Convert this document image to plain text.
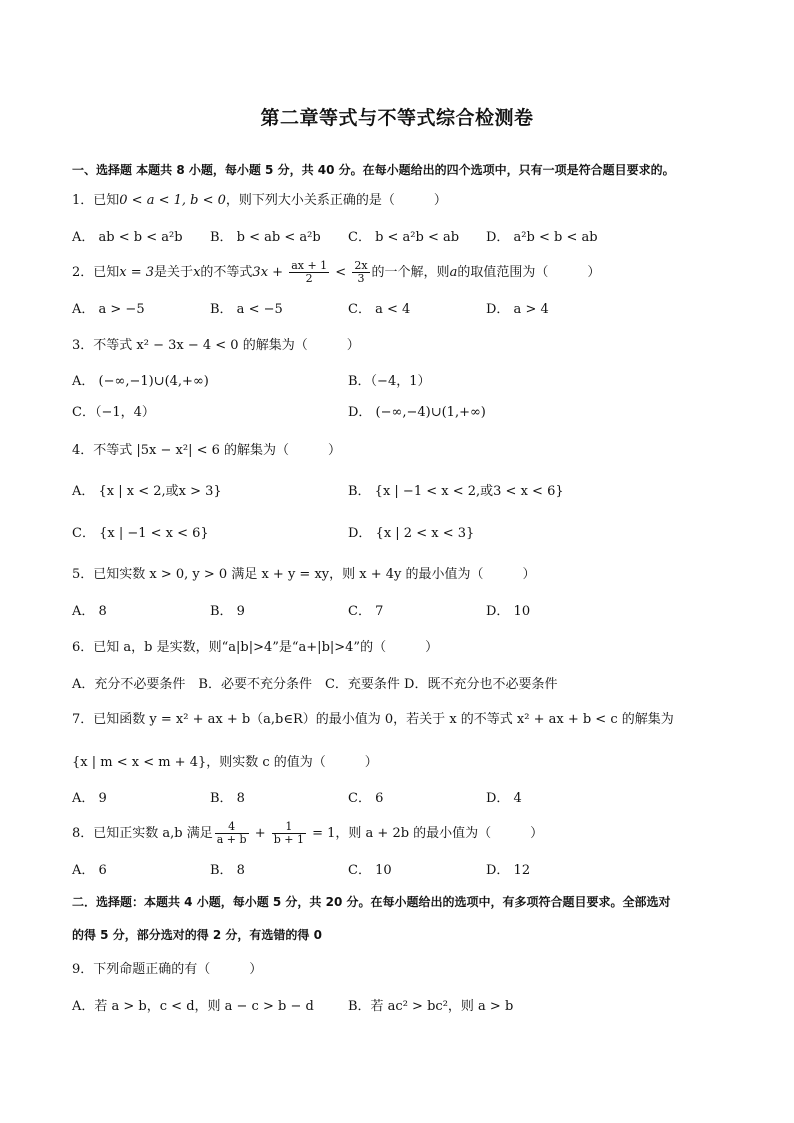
第二章等式与不等式综合检测卷
一、选择题 本题共 8 小题，每小题 5 分，共 40 分。在每小题给出的四个选项中，只有一项是符合题目要求的。
1．已知0 < a < 1, b < 0，则下列大小关系正确的是（　　　）
A． ab < b < a²b B． b < ab < a²b C． b < a²b < ab D． a²b < b < ab
2．已知x = 3是关于x的不等式$3x + \frac{ax + 1}{2} < \frac{2x}{3}$ 的一个解，则a的取值范围为（　　　）
A． a > −5	B． a < −5	C． a < 4	D． a > 4
3．不等式 x² − 3x − 4 < 0 的解集为（　　　）
A． (−∞,−1)∪(4,+∞)	B．（−4，1）
C．（−1，4）	D． (−∞,−4)∪(1,+∞)
4．不等式 |5x − x²| < 6 的解集为（　　　）
A． {x | x < 2,或x > 3}	B． {x | −1 < x < 2,或3 < x < 6}
C． {x | −1 < x < 6}	D． {x | 2 < x < 3}
5．已知实数 x > 0, y > 0 满足 x + y = xy，则 x + 4y 的最小值为（　　　）
A． 8	B． 9	C． 7	D． 10
6．已知 a，b 是实数，则“a|b|>4”是“a+|b|>4”的（　　　）
A．充分不必要条件　B．必要不充分条件　C．充要条件 D．既不充分也不必要条件
7．已知函数 y = x² + ax + b（a,b∈R）的最小值为 0，若关于 x 的不等式 x² + ax + b < c 的解集为
{x | m < x < m + 4}，则实数 c 的值为（　　　）
A． 9	B． 8	C． 6	D． 4
8．已知正实数 a,b 满足 $\frac{4}{a + b} + \frac{1}{b + 1} = 1$，则 a + 2b 的最小值为（　　　）
A． 6	B． 8	C． 10	D． 12
二．选择题：本题共 4 小题，每小题 5 分，共 20 分。在每小题给出的选项中，有多项符合题目要求。全部选对
的得 5 分，部分选对的得 2 分，有选错的得 0
9．下列命题正确的有（　　　）
A．若 a > b，c < d，则 a − c > b − d	B．若 ac² > bc²，则 a > b
